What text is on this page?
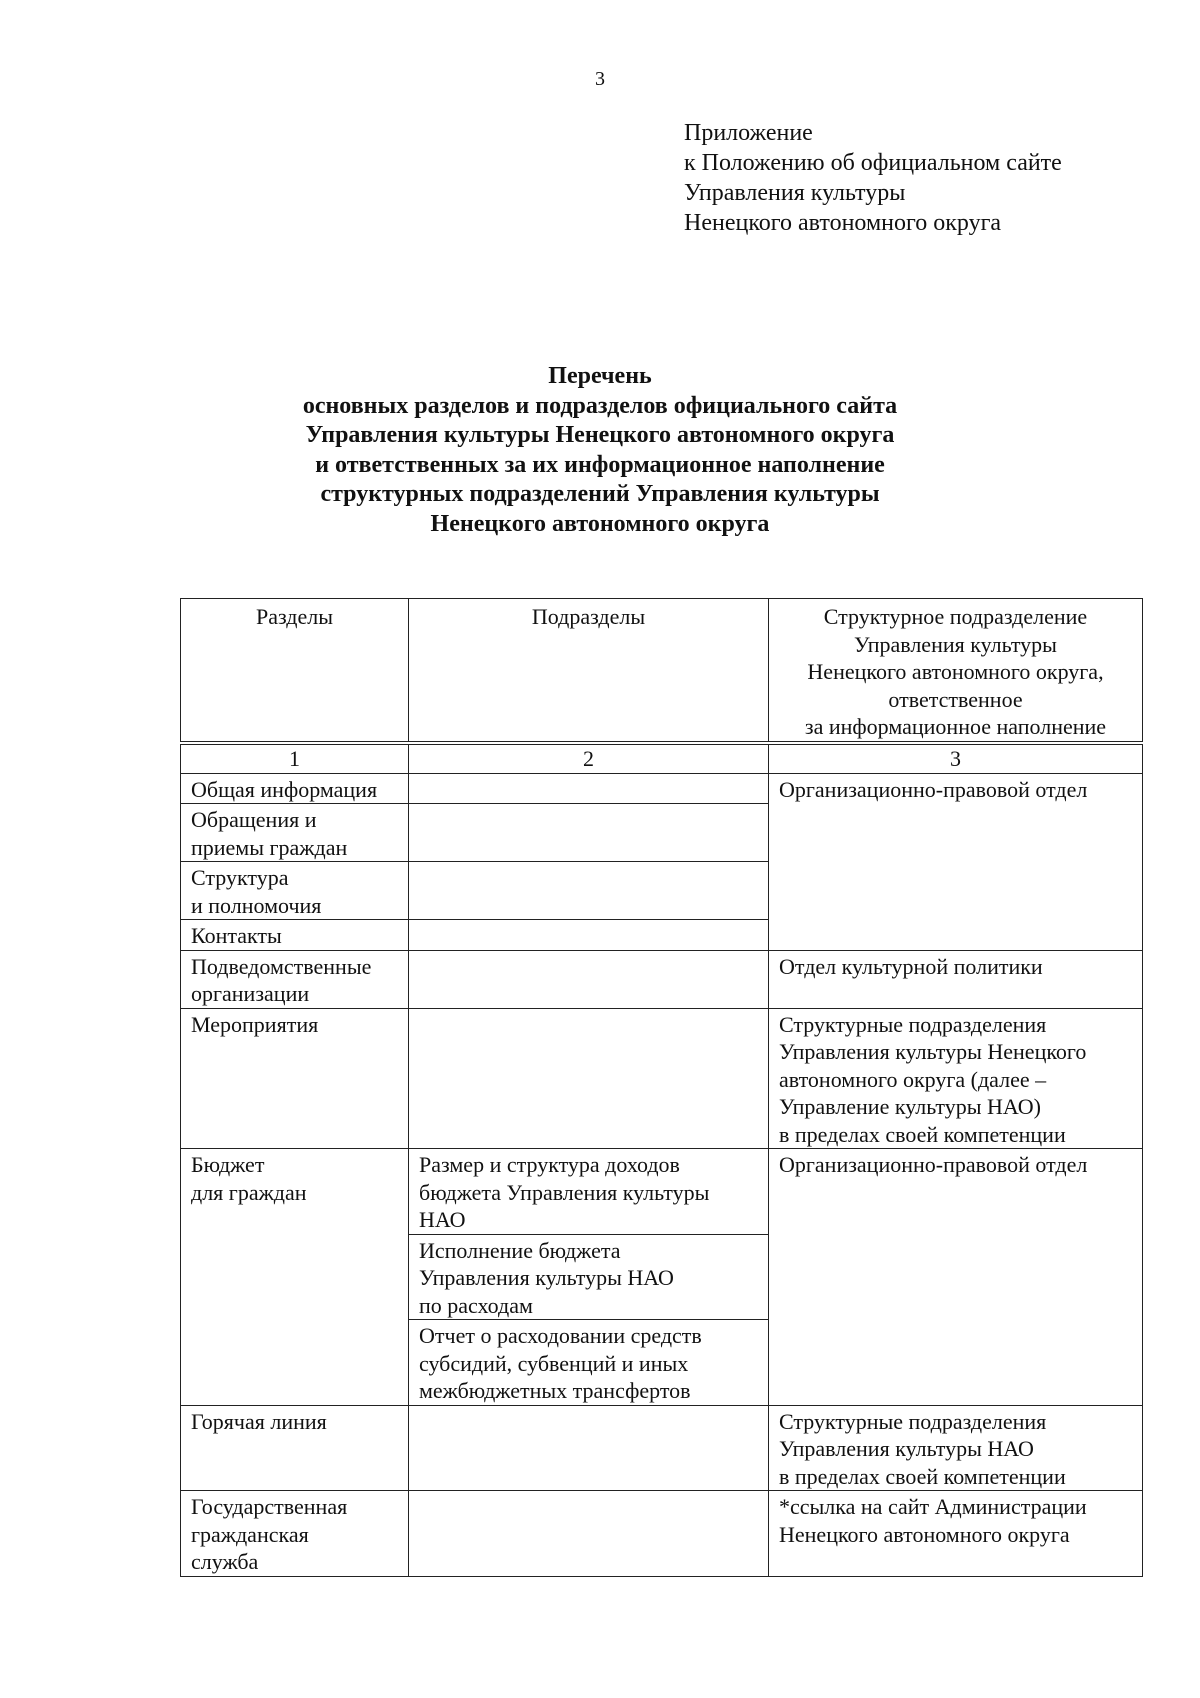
3
Приложение
к Положению об официальном сайте
Управления культуры
Ненецкого автономного округа
Перечень
основных разделов и подразделов официального сайта
Управления культуры Ненецкого автономного округа
и ответственных за их информационное наполнение
структурных подразделений Управления культуры
Ненецкого автономного округа
Разделы	Подразделы	Структурное подразделение
Управления культуры
Ненецкого автономного округа,
ответственное
за информационное наполнение

1	2	3

Общая информация		Организационно-правовой отдел

Обращения и
приемы граждан		

Структура
и полномочия		

Контакты		

Подведомственные
организации		Отдел культурной политики

Мероприятия		Структурные подразделения
Управления культуры Ненецкого
автономного округа (далее –
Управление культуры НАО)
в пределах своей компетенции

Бюджет
для граждан	Размер и структура доходов
бюджета Управления культуры
НАО	Организационно-правовой отдел

	Исполнение бюджета
Управления культуры НАО
по расходам	

	Отчет о расходовании средств
субсидий, субвенций и иных
межбюджетных трансфертов	

Горячая линия		Структурные подразделения
Управления культуры НАО
в пределах своей компетенции

Государственная
гражданская
служба		*ссылка на сайт Администрации
Ненецкого автономного округа
